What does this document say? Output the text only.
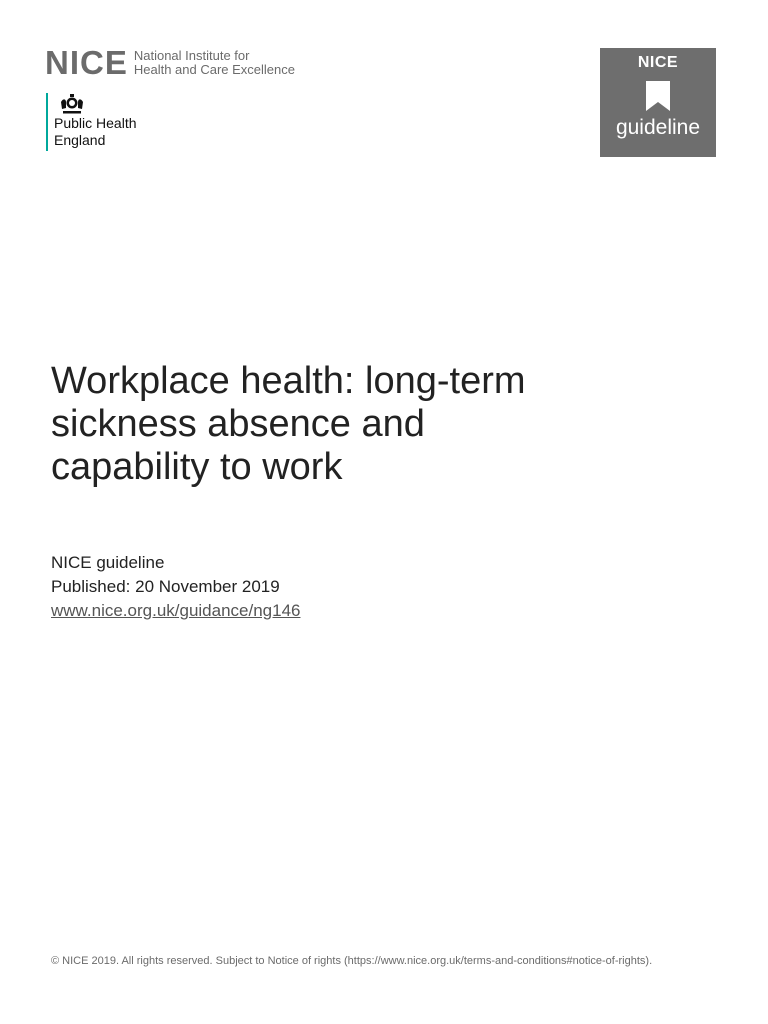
NICE National Institute for
Health and Care Excellence
Public Health
England
NICE
guideline
Workplace health: long-term
sickness absence and
capability to work
NICE guideline
Published: 20 November 2019
www.nice.org.uk/guidance/ng146
© NICE 2019. All rights reserved. Subject to Notice of rights (https://www.nice.org.uk/terms-and-conditions#notice-of-rights).
